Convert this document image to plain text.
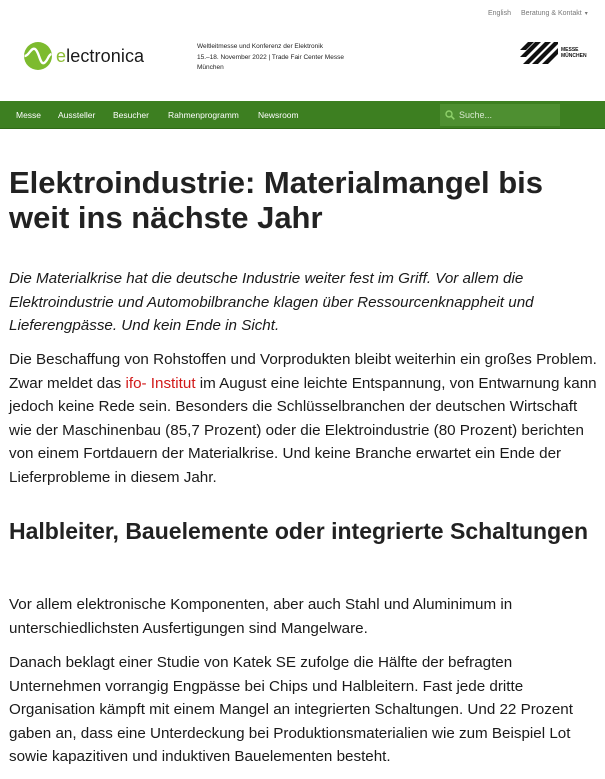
English Beratung & Kontakt ▾
electronica	Weltleitmesse und Konferenz der Elektronik
15.–18. November 2022 | Trade Fair Center Messe
München
MESSE
MÜNCHEN
Messe Aussteller Besucher Rahmenprogramm Newsroom
Suche...
Elektroindustrie: Materialmangel bis weit ins nächste Jahr

Die Materialkrise hat die deutsche Industrie weiter fest im Griff. Vor allem die Elektroindustrie und Automobilbranche klagen über Ressourcenknappheit und Lieferengpässe. Und kein Ende in Sicht.

Die Beschaffung von Rohstoffen und Vorprodukten bleibt weiterhin ein großes Problem. Zwar meldet das ifo- Institut im August eine leichte Entspannung, von Entwarnung kann jedoch keine Rede sein. Besonders die Schlüsselbranchen der deutschen Wirtschaft wie der Maschinenbau (85,7 Prozent) oder die Elektroindustrie (80 Prozent) berichten von einem Fortdauern der Materialkrise. Und keine Branche erwartet ein Ende der Lieferprobleme in diesem Jahr.

Halbleiter, Bauelemente oder integrierte Schaltungen

Vor allem elektronische Komponenten, aber auch Stahl und Aluminimum in unterschiedlichsten Ausfertigungen sind Mangelware.

Danach beklagt einer Studie von Katek SE zufolge die Hälfte der befragten Unternehmen vorrangig Engpässe bei Chips und Halbleitern. Fast jede dritte Organisation kämpft mit einem Mangel an integrierten Schaltungen. Und 22 Prozent gaben an, dass eine Unterdeckung bei Produktionsmaterialien wie zum Beispiel Lot sowie kapazitiven und induktiven Bauelementen besteht.
